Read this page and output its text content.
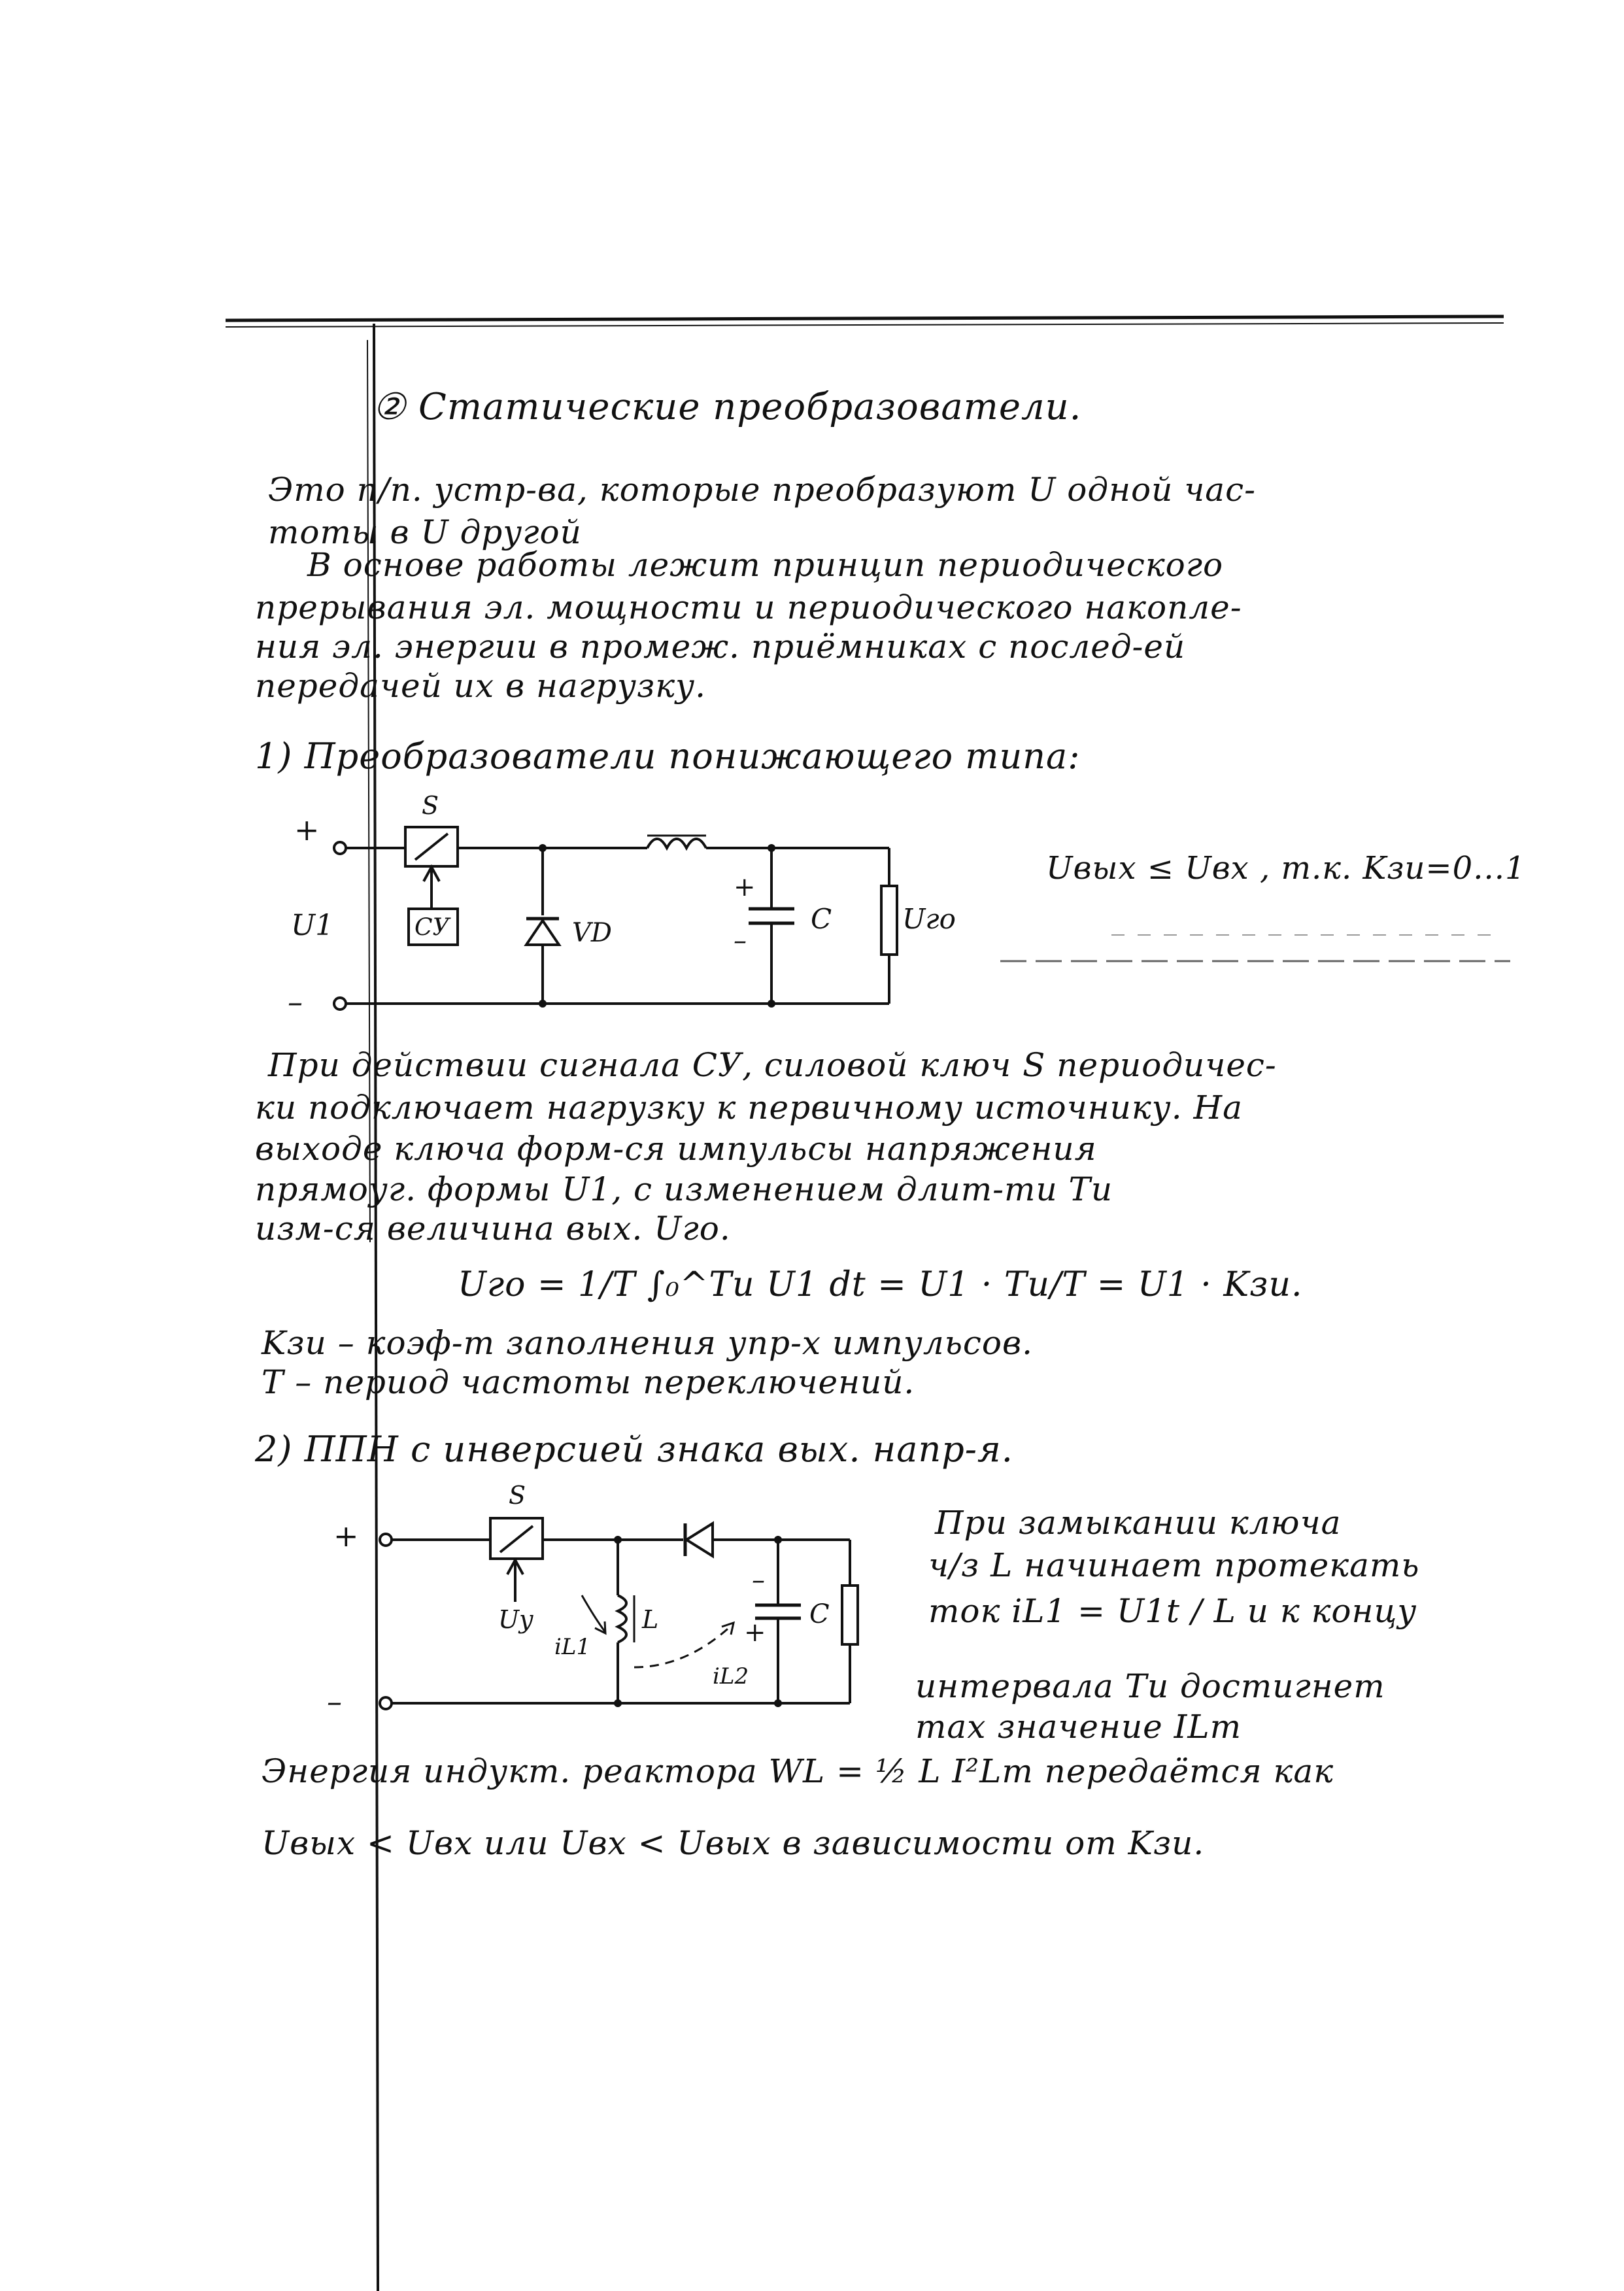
② Статические преобразователи.
Это п/п. устр-ва, которые преобразуют U одной час-
тоты в U другой
В основе работы лежит принцип периодического
прерывания эл. мощности и периодического накопле-
ния эл. энергии в промеж. приёмниках с послед-ей
передачей их в нагрузку.
1) Преобразователи понижающего типа:
S
+
–
U1	СУ	VD
+
–
C	Uго
Uвых ≤ Uвх , т.к. Kзи=0...1
При действии сигнала СУ, силовой ключ S периодичес-
ки подключает нагрузку к первичному источнику. На
выходе ключа форм-ся импульсы напряжения
прямоуг. формы U1, с изменением длит-ти Tи
изм-ся величина вых. Uго.
Uго = 1/T ∫₀^Tи U1 dt = U1 · Tи/T = U1 · Kзи.
Kзи – коэф-т заполнения упр-х импульсов.
T – период частоты переключений.
2) ППН с инверсией знака вых. напр-я.
S
+
–
Uу	L
iL1
iL2
–
+
C
При замыкании ключа
ч/з L начинает протекать
ток iL1 = U1t / L и к концу
интервала Tи достигнет
max значение ILm
Энергия индукт. реактора WL = ½ L I²Lm передаётся как
Uвых < Uвх или Uвх < Uвых в зависимости от Kзи.
